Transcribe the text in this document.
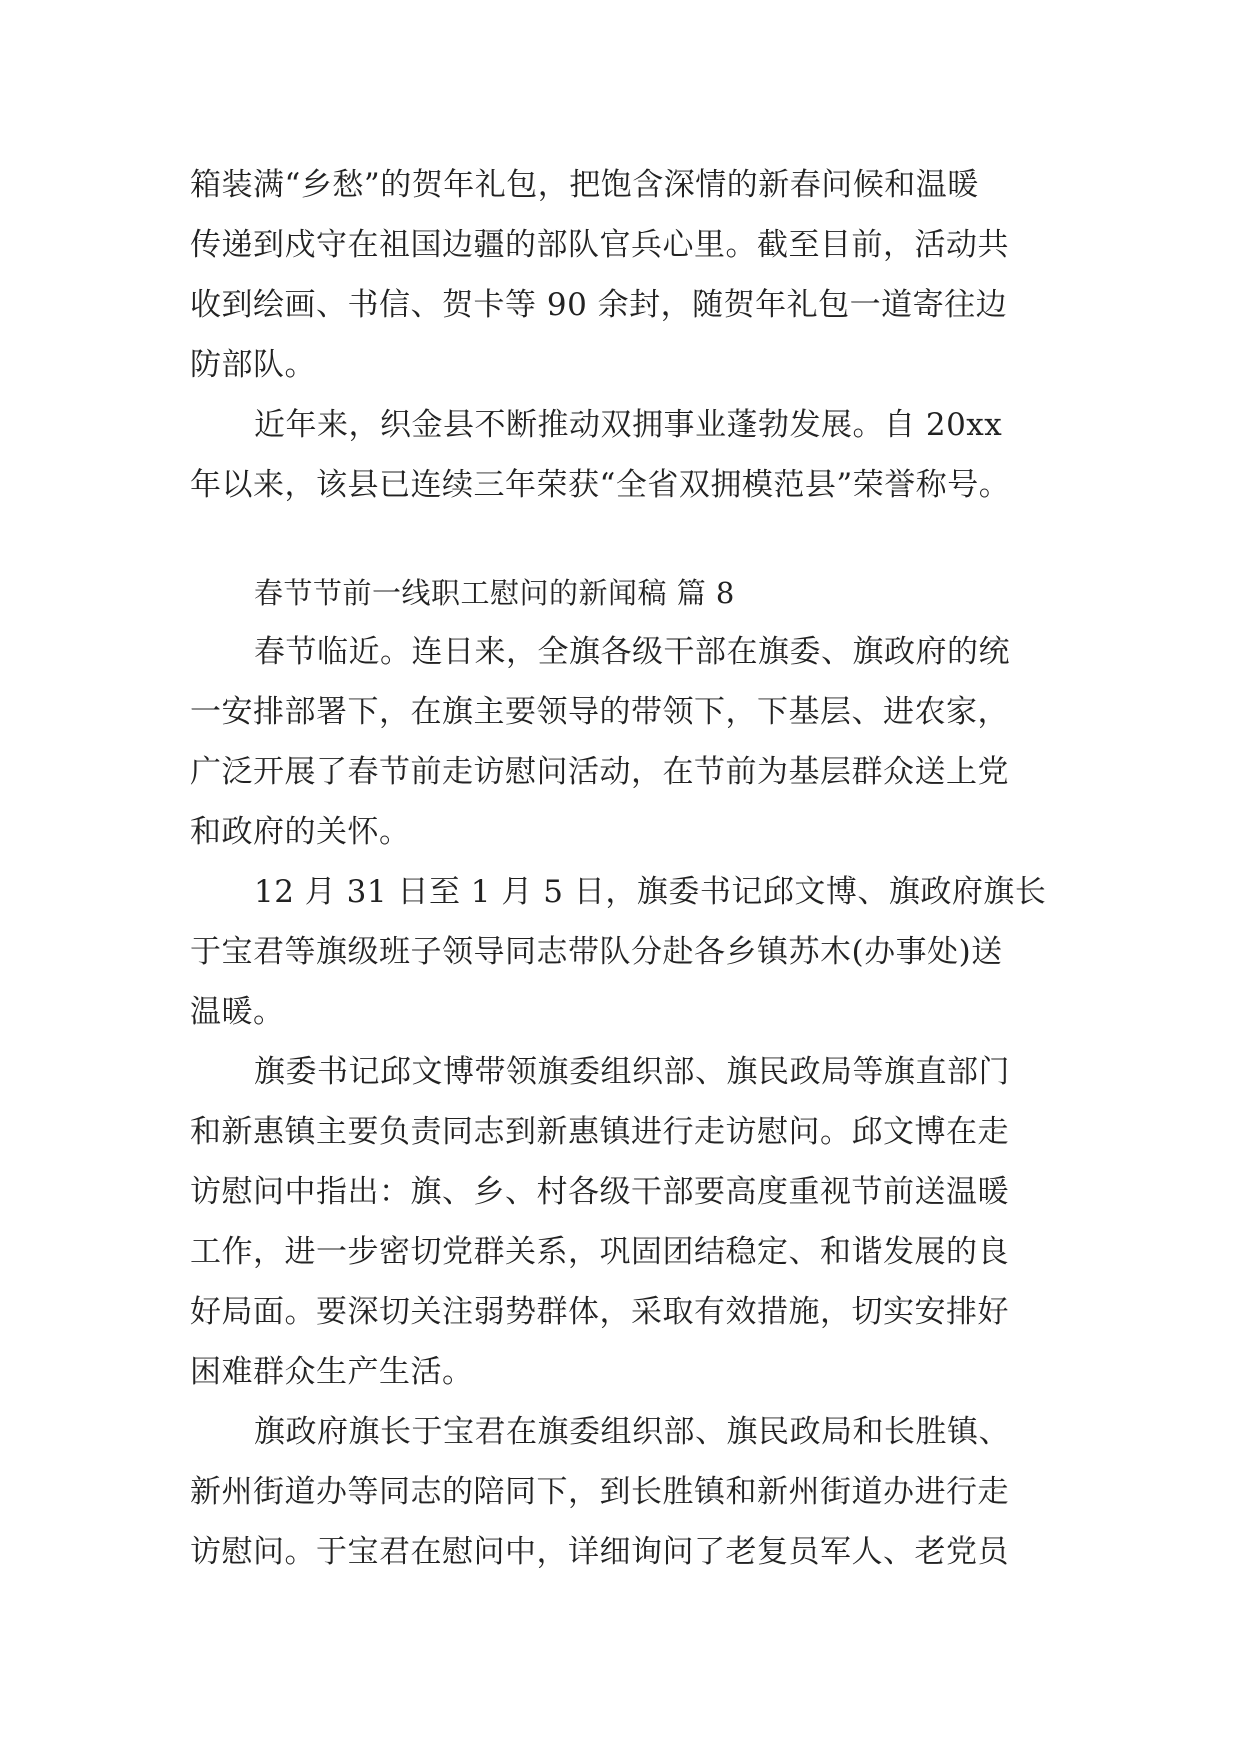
箱装满“乡愁”的贺年礼包，把饱含深情的新春问候和温暖
传递到戍守在祖国边疆的部队官兵心里。截至目前，活动共
收到绘画、书信、贺卡等 90 余封，随贺年礼包一道寄往边
防部队。
近年来，织金县不断推动双拥事业蓬勃发展。自 20xx
年以来，该县已连续三年荣获“全省双拥模范县”荣誉称号。
春节节前一线职工慰问的新闻稿 篇 8
春节临近。连日来，全旗各级干部在旗委、旗政府的统
一安排部署下，在旗主要领导的带领下，下基层、进农家，
广泛开展了春节前走访慰问活动，在节前为基层群众送上党
和政府的关怀。
12 月 31 日至 1 月 5 日，旗委书记邱文博、旗政府旗长
于宝君等旗级班子领导同志带队分赴各乡镇苏木(办事处)送
温暖。
旗委书记邱文博带领旗委组织部、旗民政局等旗直部门
和新惠镇主要负责同志到新惠镇进行走访慰问。邱文博在走
访慰问中指出：旗、乡、村各级干部要高度重视节前送温暖
工作，进一步密切党群关系，巩固团结稳定、和谐发展的良
好局面。要深切关注弱势群体，采取有效措施，切实安排好
困难群众生产生活。
旗政府旗长于宝君在旗委组织部、旗民政局和长胜镇、
新州街道办等同志的陪同下，到长胜镇和新州街道办进行走
访慰问。于宝君在慰问中，详细询问了老复员军人、老党员
